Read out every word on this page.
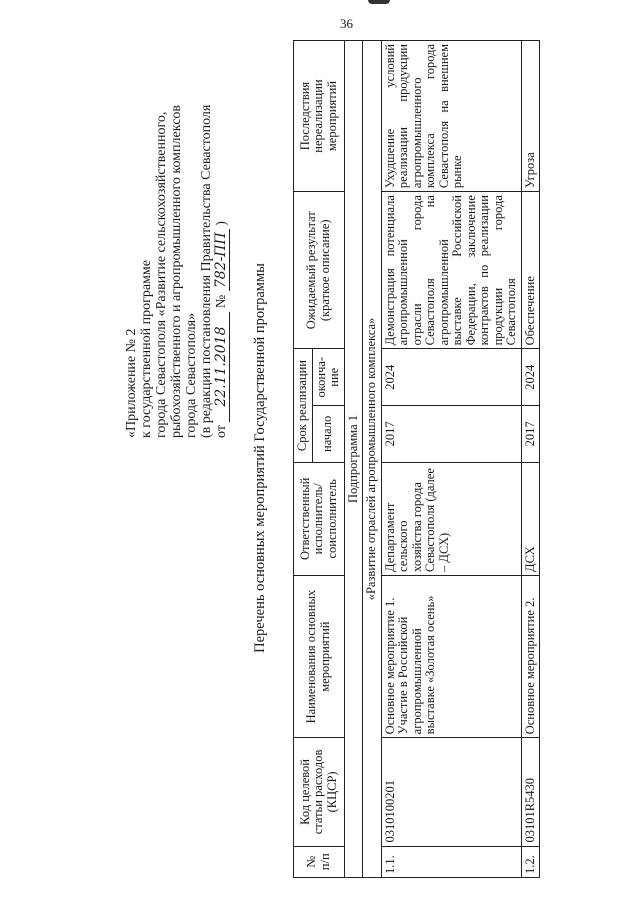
36
«Приложение № 2 к государственной программе города Севастополя «Развитие сельскохозяйственного, рыбохозяйственного и агропромышленного комплексов города Севастополя» (в редакции постановления Правительства Севастополя от 22.11.2018 № 782-ПП )
Перечень основных мероприятий Государственной программы
№ п/п	Код целевой статьи расходов (КЦСР)	Наименования основных мероприятий	Ответственный исполнитель/ соисполнитель	Срок реализации		Ожидаемый результат (краткое описание)	Последствия нереализации мероприятий
				начало	оконча-ние		
Подпрограмма 1							
«Развитие отраслей агропромышленного комплекса»							
1.1.	0310100201	Основное мероприятие 1. Участие в Российской агропромышленной выставке «Золотая осень»	Департамент сельского хозяйства города Севастополя (далее – ДСХ)	2017	2024	Демонстрация потенциала агропромышленной отрасли города Севастополя на агропромышленной выставке Российской Федерации, заключение контрактов по реализации продукции города Севастополя	Ухудшение условий реализации продукции агропромышленного комплекса города Севастополя на внешнем рынке
1.2.	03101R5430	Основное мероприятие 2.	ДСХ	2017	2024	Обеспечение	Угроза
